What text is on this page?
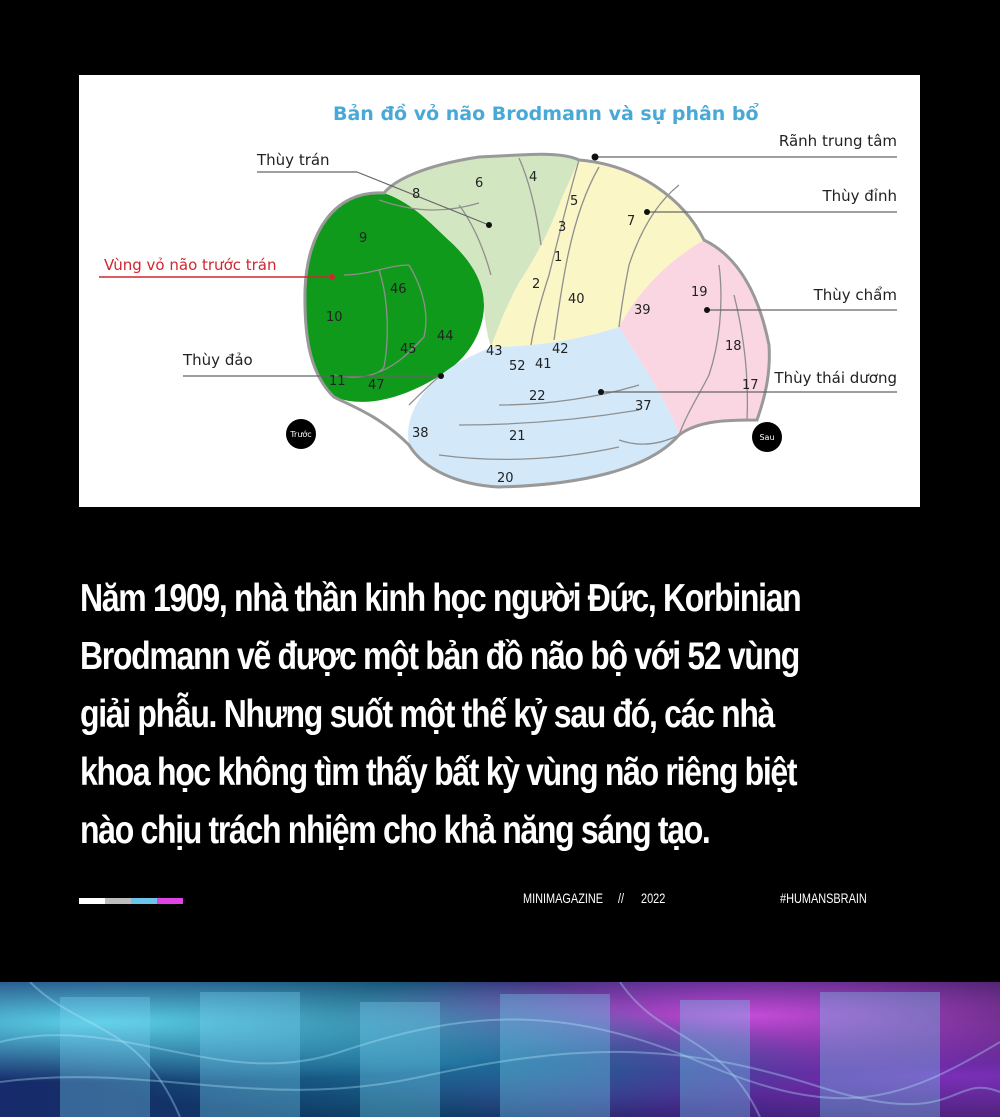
Bản đồ vỏ não Brodmann và sự phân bổ
Thùy trán
Rãnh trung tâm
Thùy đỉnh
Vùng vỏ não trước trán
Thùy chẩm
Thùy đảo
Thùy thái dương
8
6	4
5
7
3
9
1
2
46
40
39
19
10
44
43	42	18
45
52 41
11 47
22
17
37
38	21
20
Trước	Sau

Năm 1909, nhà thần kinh học người Đức, Korbinian Brodmann vẽ được một bản đồ não bộ với 52 vùng giải phẫu. Nhưng suốt một thế kỷ sau đó, các nhà khoa học không tìm thấy bất kỳ vùng não riêng biệt nào chịu trách nhiệm cho khả năng sáng tạo.

MINIMAGAZINE // 2022	#HUMANSBRAIN
